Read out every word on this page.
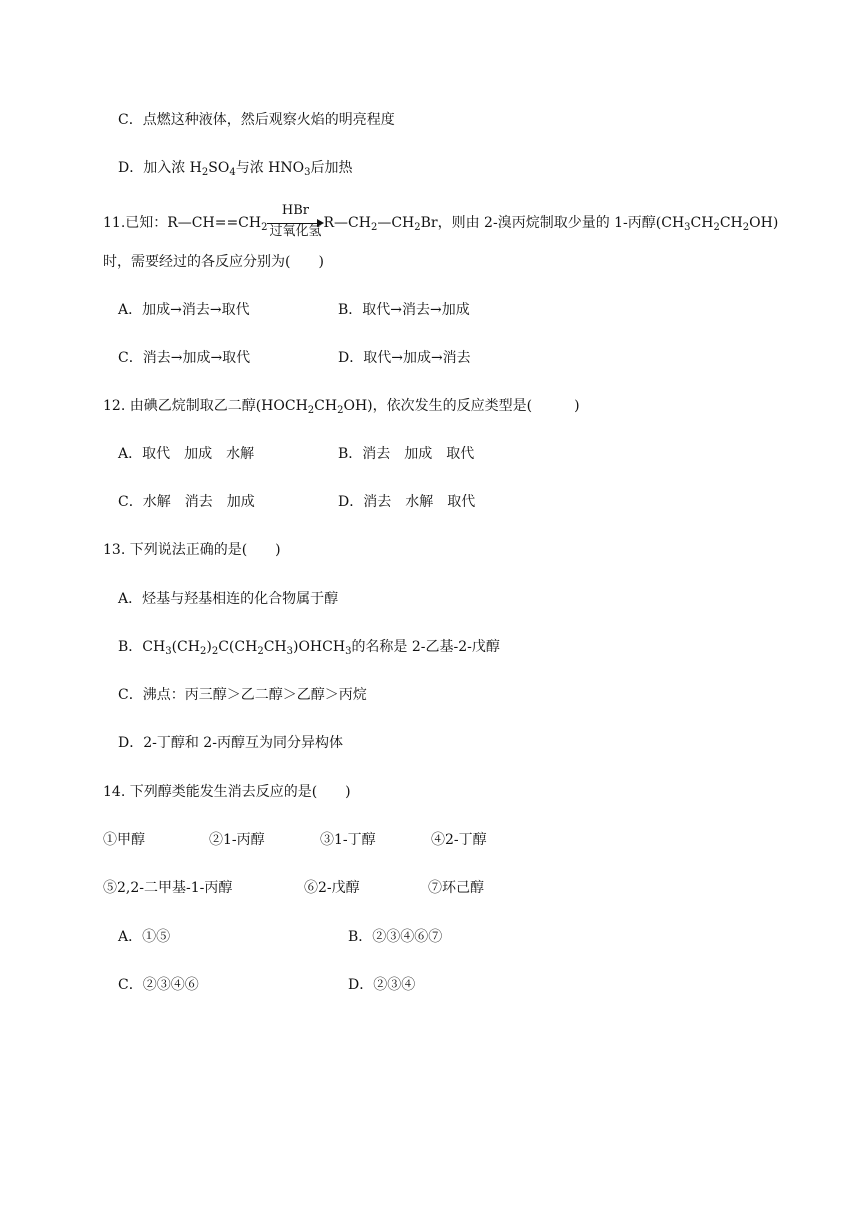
C．点燃这种液体，然后观察火焰的明亮程度
D．加入浓 $H_2SO_4$与浓 $HNO_3$后加热
11.已知：$R—CH==CH_2$
HBr
过氧化氢
$R—CH_2—CH_2Br$，则由 2-溴丙烷制取少量的 1-丙醇$(CH_3CH_2CH_2OH)$
时，需要经过的各反应分别为(　　)
A．加成→消去→取代	B．取代→消去→加成
C．消去→加成→取代	D．取代→加成→消去
12. 由碘乙烷制取乙二醇$(HOCH_2CH_2OH)$，依次发生的反应类型是(　　　)
A．取代　加成　水解	B．消去　加成　取代
C．水解　消去　加成	D．消去　水解　取代
13. 下列说法正确的是(　　)
A．烃基与羟基相连的化合物属于醇
B．$CH_3(CH_2)_2C(CH_2CH_3)OHCH_3$的名称是 2-乙基-2-戊醇
C．沸点：丙三醇＞乙二醇＞乙醇＞丙烷
D．2-丁醇和 2-丙醇互为同分异构体
14. 下列醇类能发生消去反应的是(　　)
①甲醇	②1-丙醇	③1-丁醇	④2-丁醇
⑤2,2-二甲基-1-丙醇	⑥2-戊醇	⑦环己醇
A．①⑤	B．②③④⑥⑦
C．②③④⑥	D．②③④
